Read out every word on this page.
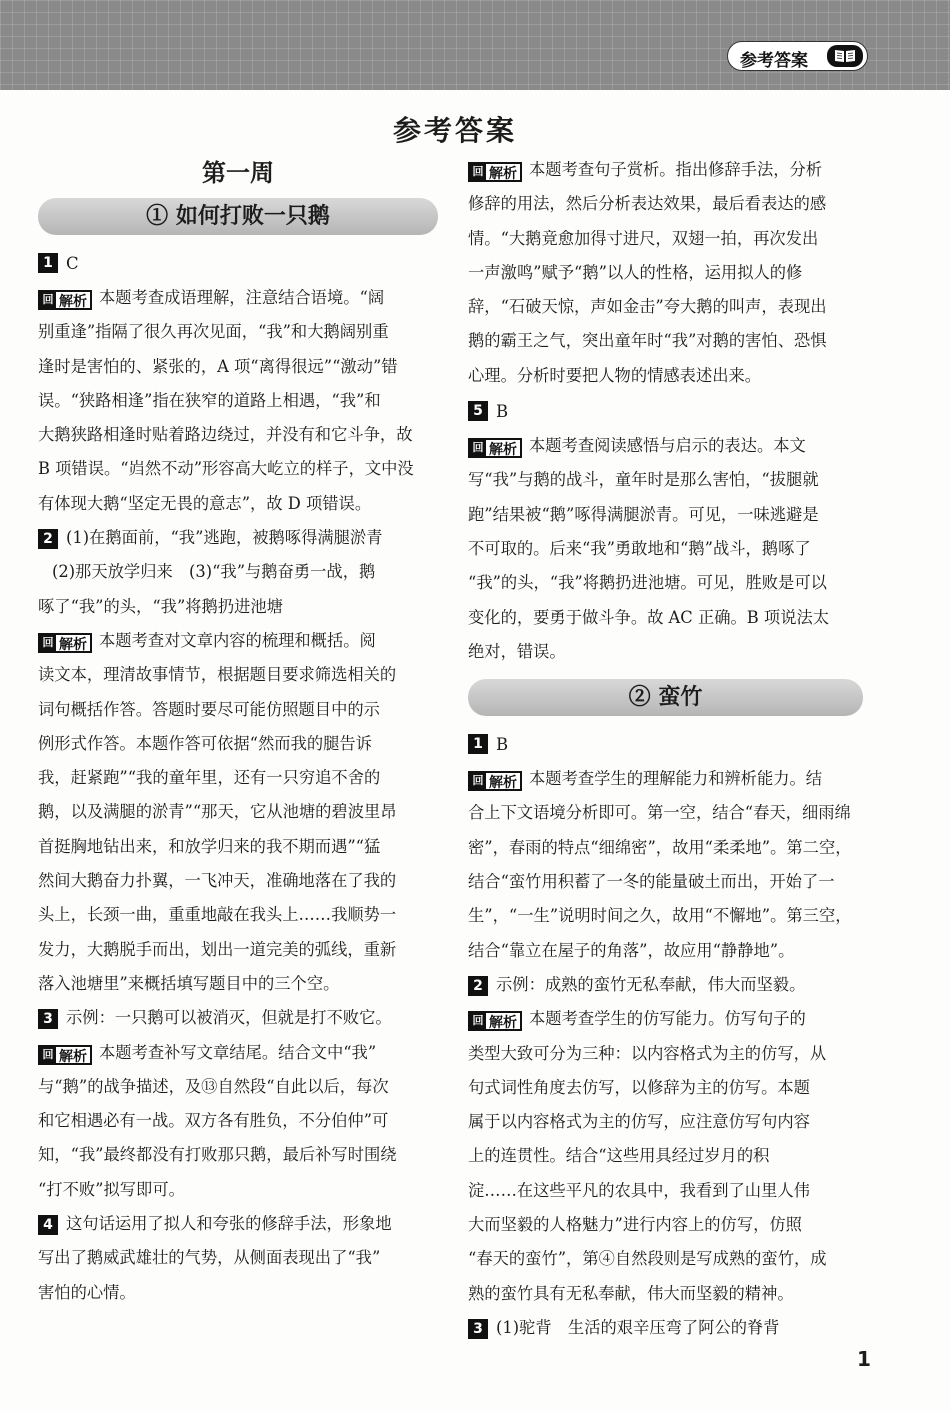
参考答案
参考答案
第一周
① 如何打败一只鹅
1 C
回 解析 本题考查成语理解，注意结合语境。“阔
别重逢”指隔了很久再次见面，“我”和大鹅阔别重
逢时是害怕的、紧张的，A 项“离得很远”“激动”错
误。“狭路相逢”指在狭窄的道路上相遇，“我”和
大鹅狭路相逢时贴着路边绕过，并没有和它斗争，故
B 项错误。“岿然不动”形容高大屹立的样子，文中没
有体现大鹅“坚定无畏的意志”，故 D 项错误。
2 (1)在鹅面前，“我”逃跑，被鹅啄得满腿淤青
(2)那天放学归来　(3)“我”与鹅奋勇一战，鹅
啄了“我”的头，“我”将鹅扔进池塘
回 解析 本题考查对文章内容的梳理和概括。阅
读文本，理清故事情节，根据题目要求筛选相关的
词句概括作答。答题时要尽可能仿照题目中的示
例形式作答。本题作答可依据“然而我的腿告诉
我，赶紧跑”“我的童年里，还有一只穷追不舍的
鹅，以及满腿的淤青”“那天，它从池塘的碧波里昂
首挺胸地钻出来，和放学归来的我不期而遇”“猛
然间大鹅奋力扑翼，一飞冲天，准确地落在了我的
头上，长颈一曲，重重地敲在我头上……我顺势一
发力，大鹅脱手而出，划出一道完美的弧线，重新
落入池塘里”来概括填写题目中的三个空。
3 示例：一只鹅可以被消灭，但就是打不败它。
回 解析 本题考查补写文章结尾。结合文中“我”
与“鹅”的战争描述，及⑬自然段“自此以后，每次
和它相遇必有一战。双方各有胜负，不分伯仲”可
知，“我”最终都没有打败那只鹅，最后补写时围绕
“打不败”拟写即可。
4 这句话运用了拟人和夸张的修辞手法，形象地
写出了鹅威武雄壮的气势，从侧面表现出了“我”
害怕的心情。
回 解析 本题考查句子赏析。指出修辞手法，分析
修辞的用法，然后分析表达效果，最后看表达的感
情。“大鹅竟愈加得寸进尺，双翅一拍，再次发出
一声激鸣”赋予“鹅”以人的性格，运用拟人的修
辞，“石破天惊，声如金击”夸大鹅的叫声，表现出
鹅的霸王之气，突出童年时“我”对鹅的害怕、恐惧
心理。分析时要把人物的情感表述出来。
5 B
回 解析 本题考查阅读感悟与启示的表达。本文
写“我”与鹅的战斗，童年时是那么害怕，“拔腿就
跑”结果被“鹅”啄得满腿淤青。可见，一味逃避是
不可取的。后来“我”勇敢地和“鹅”战斗，鹅啄了
“我”的头，“我”将鹅扔进池塘。可见，胜败是可以
变化的，要勇于做斗争。故 AC 正确。B 项说法太
绝对，错误。
② 蛮竹
1 B
回 解析 本题考查学生的理解能力和辨析能力。结
合上下文语境分析即可。第一空，结合“春天，细雨绵
密”，春雨的特点“细绵密”，故用“柔柔地”。第二空，
结合“蛮竹用积蓄了一冬的能量破土而出，开始了一
生”，“一生”说明时间之久，故用“不懈地”。第三空，
结合“靠立在屋子的角落”，故应用“静静地”。
2 示例：成熟的蛮竹无私奉献，伟大而坚毅。
回 解析 本题考查学生的仿写能力。仿写句子的
类型大致可分为三种：以内容格式为主的仿写，从
句式词性角度去仿写，以修辞为主的仿写。本题
属于以内容格式为主的仿写，应注意仿写句内容
上的连贯性。结合“这些用具经过岁月的积
淀……在这些平凡的农具中，我看到了山里人伟
大而坚毅的人格魅力”进行内容上的仿写，仿照
“春天的蛮竹”，第④自然段则是写成熟的蛮竹，成
熟的蛮竹具有无私奉献，伟大而坚毅的精神。
3 (1)驼背　生活的艰辛压弯了阿公的脊背
1
